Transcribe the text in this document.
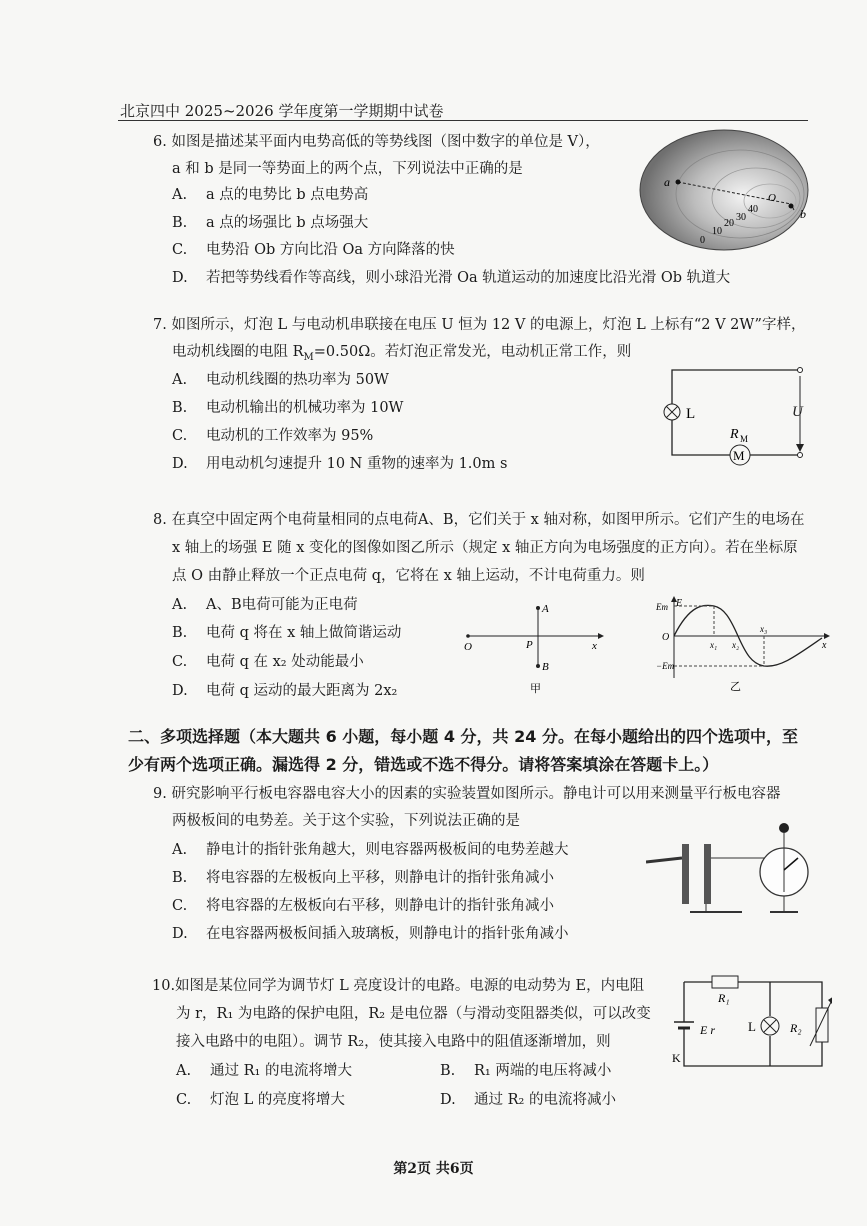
北京四中 2025~2026 学年度第一学期期中试卷
6. 如图是描述某平面内电势高低的等势线图（图中数字的单位是 V），
a 和 b 是同一等势面上的两个点，下列说法中正确的是
A. a 点的电势比 b 点电势高
B. a 点的场强比 b 点场强大
C. 电势沿 Ob 方向比沿 Oa 方向降落的快
D. 若把等势线看作等高线，则小球沿光滑 Oa 轨道运动的加速度比沿光滑 Ob 轨道大
a
O
b
40
30
20
10
0
7. 如图所示，灯泡 L 与电动机串联接在电压 U 恒为 12 V 的电源上，灯泡 L 上标有“2 V 2W”字样，
电动机线圈的电阻 $R_M=0.50\Omega$。若灯泡正常发光，电动机正常工作，则
A. 电动机线圈的热功率为 50W
B. 电动机输出的机械功率为 10W
C. 电动机的工作效率为 95%
D. 用电动机匀速提升 10 N 重物的速率为 1.0m s
L
M
R M
U
8. 在真空中固定两个电荷量相同的点电荷A、B，它们关于 x 轴对称，如图甲所示。它们产生的电场在
x 轴上的场强 E 随 x 变化的图像如图乙所示（规定 x 轴正方向为电场强度的正方向）。若在坐标原
点 O 由静止释放一个正点电荷 q，它将在 x 轴上运动，不计电荷重力。则
A. A、B电荷可能为正电荷
B. 电荷 q 将在 x 轴上做简谐运动
C. 电荷 q 在 x₂ 处动能最小
D. 电荷 q 运动的最大距离为 2x₂
O	P	x
A
B
甲
E
Em
O
−Em
x₁ x₂
x₃
x
乙
二、多项选择题（本大题共 6 小题，每小题 4 分，共 24 分。在每小题给出的四个选项中，至
少有两个选项正确。漏选得 2 分，错选或不选不得分。请将答案填涂在答题卡上。）
9. 研究影响平行板电容器电容大小的因素的实验装置如图所示。静电计可以用来测量平行板电容器
两极板间的电势差。关于这个实验，下列说法正确的是
A. 静电计的指针张角越大，则电容器两极板间的电势差越大
B. 将电容器的左极板向上平移，则静电计的指针张角减小
C. 将电容器的左极板向右平移，则静电计的指针张角减小
D. 在电容器两极板间插入玻璃板，则静电计的指针张角减小
10.如图是某位同学为调节灯 L 亮度设计的电路。电源的电动势为 E，内电阻
为 r，R₁ 为电路的保护电阻，R₂ 是电位器（与滑动变阻器类似，可以改变
接入电路中的电阻）。调节 R₂，使其接入电路中的阻值逐渐增加，则
A. 通过 R₁ 的电流将增大	B. R₁ 两端的电压将减小
C. 灯泡 L 的亮度将增大	D. 通过 R₂ 的电流将减小
R₁
E r	L	R₂
K
第2页 共6页
